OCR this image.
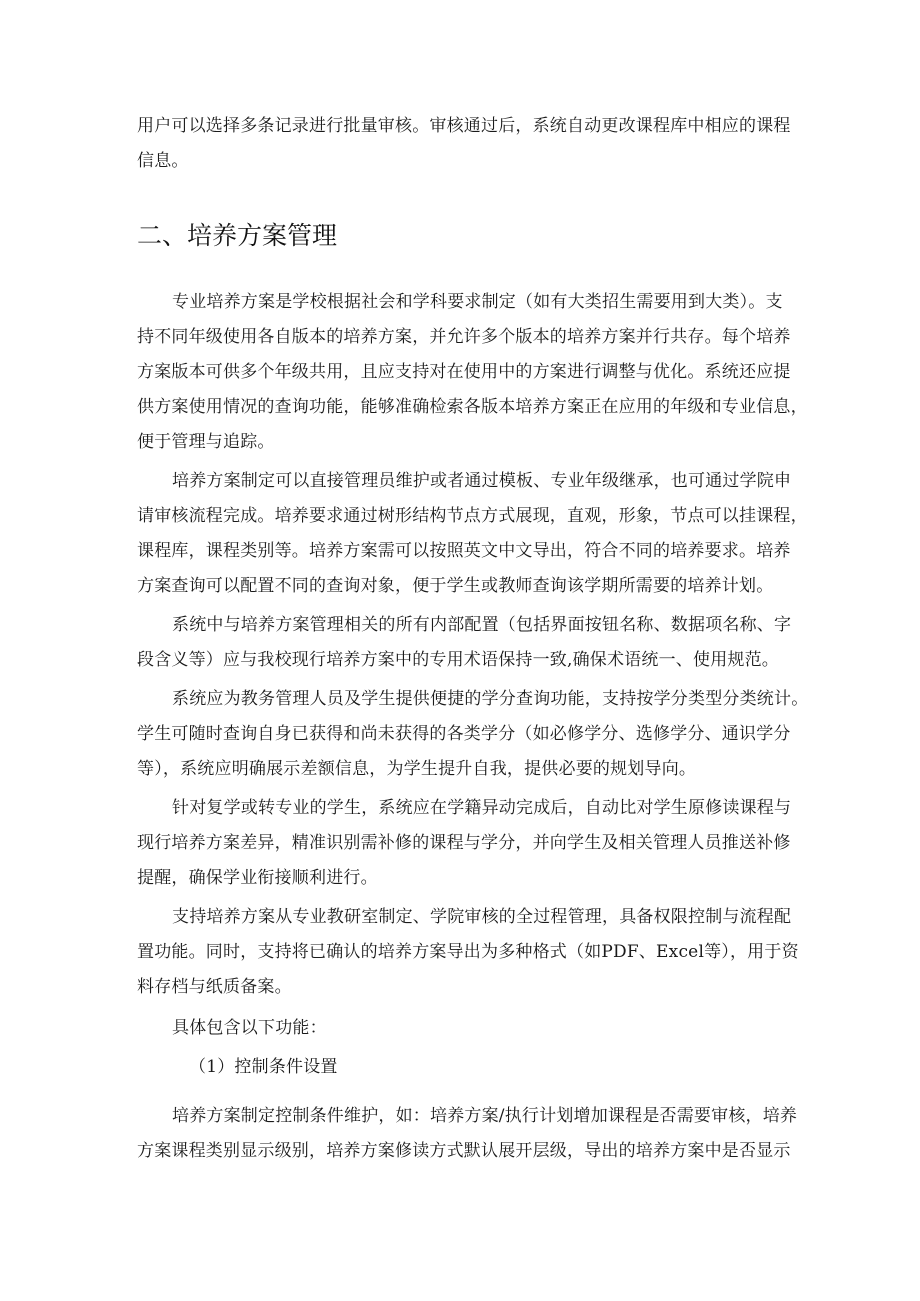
用户可以选择多条记录进行批量审核。审核通过后，系统自动更改课程库中相应的课程
信息。
二、培养方案管理
专业培养方案是学校根据社会和学科要求制定（如有大类招生需要用到大类）。支
持不同年级使用各自版本的培养方案，并允许多个版本的培养方案并行共存。每个培养
方案版本可供多个年级共用，且应支持对在使用中的方案进行调整与优化。系统还应提
供方案使用情况的查询功能，能够准确检索各版本培养方案正在应用的年级和专业信息，
便于管理与追踪。
培养方案制定可以直接管理员维护或者通过模板、专业年级继承，也可通过学院申
请审核流程完成。培养要求通过树形结构节点方式展现，直观，形象，节点可以挂课程，
课程库，课程类别等。培养方案需可以按照英文中文导出，符合不同的培养要求。培养
方案查询可以配置不同的查询对象，便于学生或教师查询该学期所需要的培养计划。
系统中与培养方案管理相关的所有内部配置（包括界面按钮名称、数据项名称、字
段含义等）应与我校现行培养方案中的专用术语保持一致,确保术语统一、使用规范。
系统应为教务管理人员及学生提供便捷的学分查询功能，支持按学分类型分类统计。
学生可随时查询自身已获得和尚未获得的各类学分（如必修学分、选修学分、通识学分
等），系统应明确展示差额信息，为学生提升自我，提供必要的规划导向。
针对复学或转专业的学生，系统应在学籍异动完成后，自动比对学生原修读课程与
现行培养方案差异，精准识别需补修的课程与学分，并向学生及相关管理人员推送补修
提醒，确保学业衔接顺利进行。
支持培养方案从专业教研室制定、学院审核的全过程管理，具备权限控制与流程配
置功能。同时，支持将已确认的培养方案导出为多种格式（如PDF、Excel等），用于资
料存档与纸质备案。
具体包含以下功能：
（1）控制条件设置
培养方案制定控制条件维护，如：培养方案/执行计划增加课程是否需要审核，培养
方案课程类别显示级别，培养方案修读方式默认展开层级，导出的培养方案中是否显示
